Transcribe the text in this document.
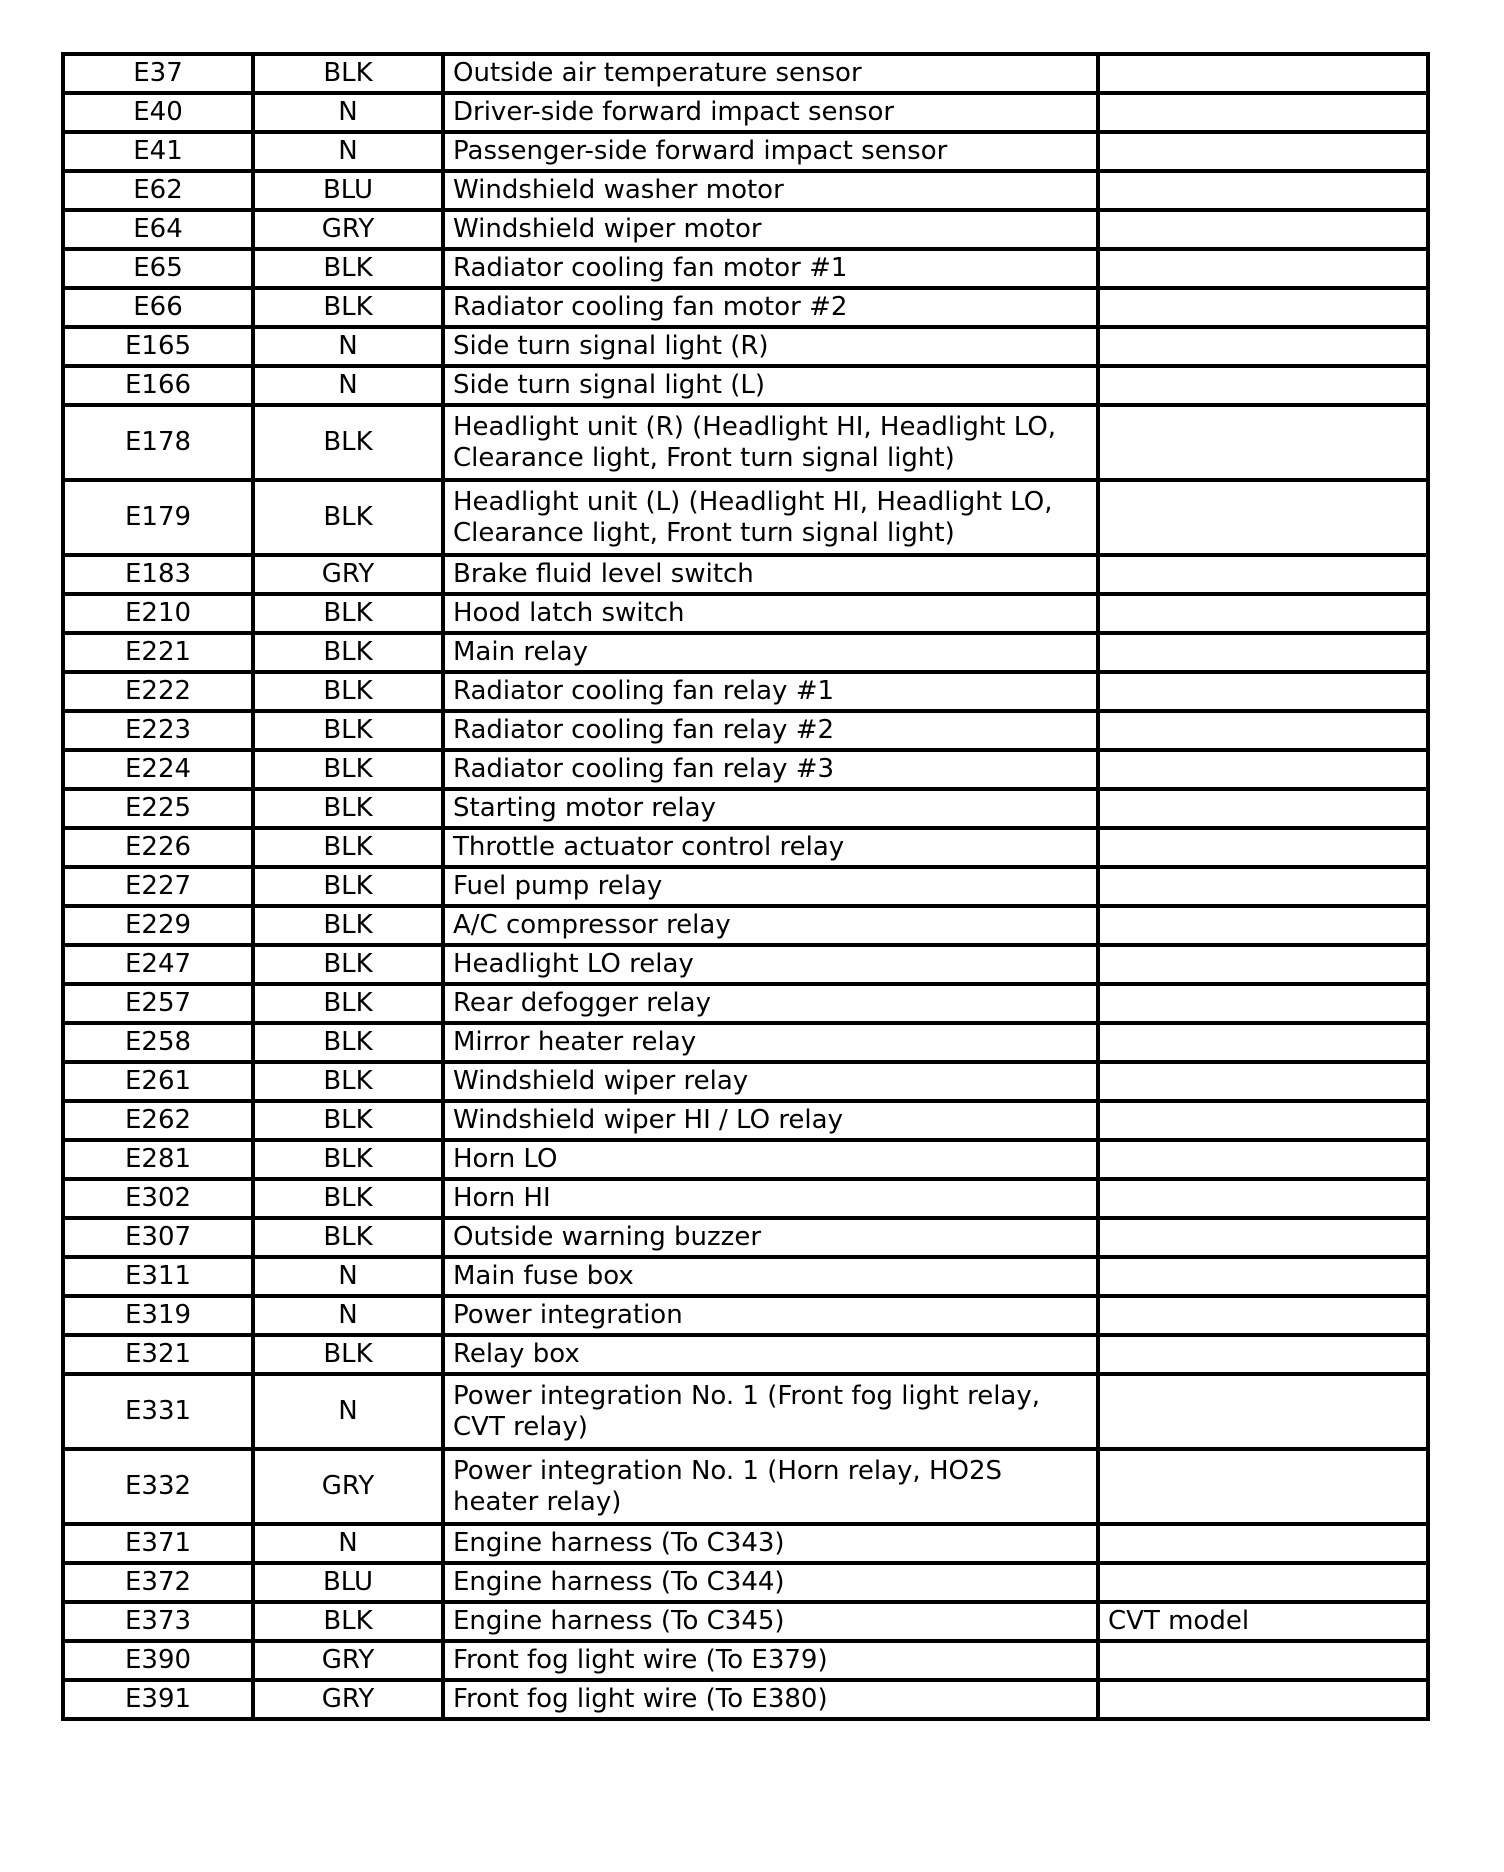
E37	BLK	Outside air temperature sensor	
E40	N	Driver-side forward impact sensor	
E41	N	Passenger-side forward impact sensor	
E62	BLU	Windshield washer motor	
E64	GRY	Windshield wiper motor	
E65	BLK	Radiator cooling fan motor #1	
E66	BLK	Radiator cooling fan motor #2	
E165	N	Side turn signal light (R)	
E166	N	Side turn signal light (L)	
E178	BLK	Headlight unit (R) (Headlight HI, Headlight LO, Clearance light, Front turn signal light)	
E179	BLK	Headlight unit (L) (Headlight HI, Headlight LO, Clearance light, Front turn signal light)	
E183	GRY	Brake fluid level switch	
E210	BLK	Hood latch switch	
E221	BLK	Main relay	
E222	BLK	Radiator cooling fan relay #1	
E223	BLK	Radiator cooling fan relay #2	
E224	BLK	Radiator cooling fan relay #3	
E225	BLK	Starting motor relay	
E226	BLK	Throttle actuator control relay	
E227	BLK	Fuel pump relay	
E229	BLK	A/C compressor relay	
E247	BLK	Headlight LO relay	
E257	BLK	Rear defogger relay	
E258	BLK	Mirror heater relay	
E261	BLK	Windshield wiper relay	
E262	BLK	Windshield wiper HI / LO relay	
E281	BLK	Horn LO	
E302	BLK	Horn HI	
E307	BLK	Outside warning buzzer	
E311	N	Main fuse box	
E319	N	Power integration	
E321	BLK	Relay box	
E331	N	Power integration No. 1 (Front fog light relay, CVT relay)	
E332	GRY	Power integration No. 1 (Horn relay, HO2S heater relay)	
E371	N	Engine harness (To C343)	
E372	BLU	Engine harness (To C344)	
E373	BLK	Engine harness (To C345)	CVT model
E390	GRY	Front fog light wire (To E379)	
E391	GRY	Front fog light wire (To E380)	
